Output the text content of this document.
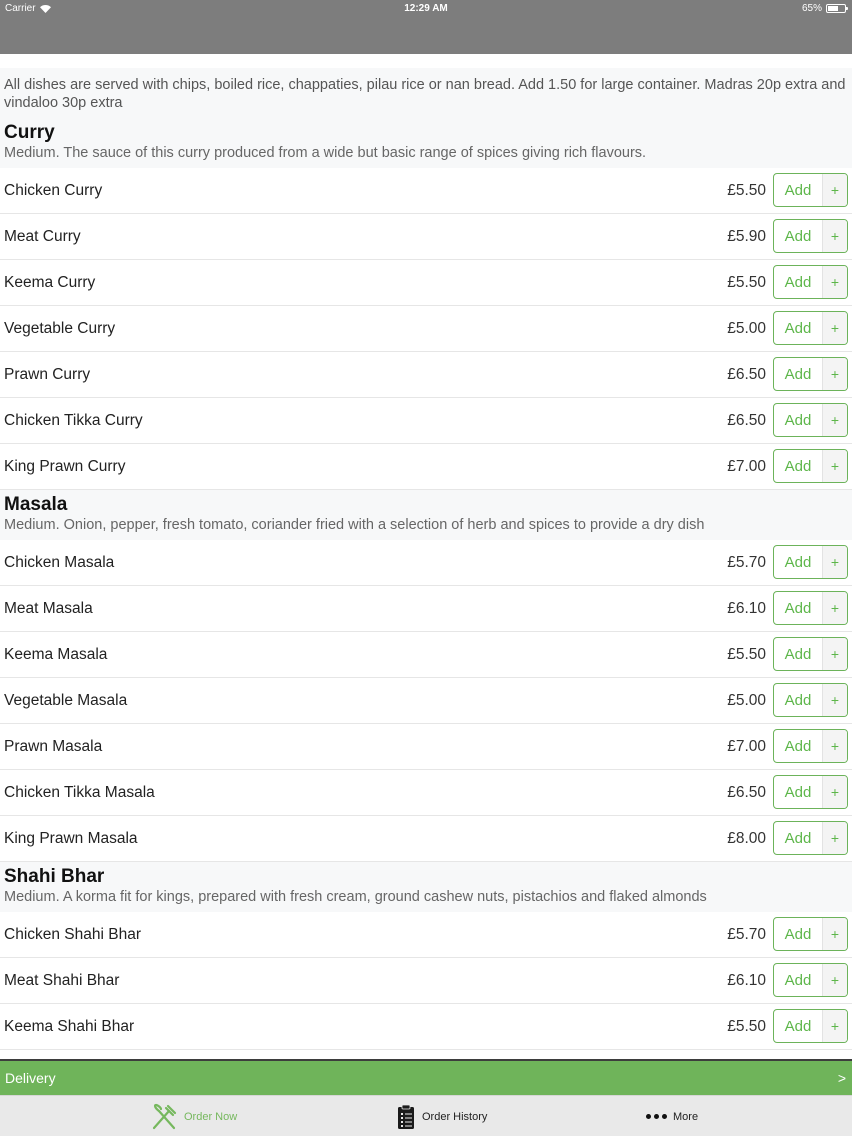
Carrier	12:29 AM	65%
All dishes are served with chips, boiled rice, chappaties, pilau rice or nan bread. Add 1.50 for large container. Madras 20p extra and vindaloo 30p extra
Curry
Medium. The sauce of this curry produced from a wide but basic range of spices giving rich flavours.
Chicken Curry	£5.50	Add	+
Meat Curry	£5.90	Add	+
Keema Curry	£5.50	Add	+
Vegetable Curry	£5.00	Add	+
Prawn Curry	£6.50	Add	+
Chicken Tikka Curry	£6.50	Add	+
King Prawn Curry	£7.00	Add	+
Masala
Medium. Onion, pepper, fresh tomato, coriander fried with a selection of herb and spices to provide a dry dish
Chicken Masala	£5.70	Add	+
Meat Masala	£6.10	Add	+
Keema Masala	£5.50	Add	+
Vegetable Masala	£5.00	Add	+
Prawn Masala	£7.00	Add	+
Chicken Tikka Masala	£6.50	Add	+
King Prawn Masala	£8.00	Add	+
Shahi Bhar
Medium. A korma fit for kings, prepared with fresh cream, ground cashew nuts, pistachios and flaked almonds
Chicken Shahi Bhar	£5.70	Add	+
Meat Shahi Bhar	£6.10	Add	+
Keema Shahi Bhar	£5.50	Add	+
Delivery	>
Order Now	Order History	More
